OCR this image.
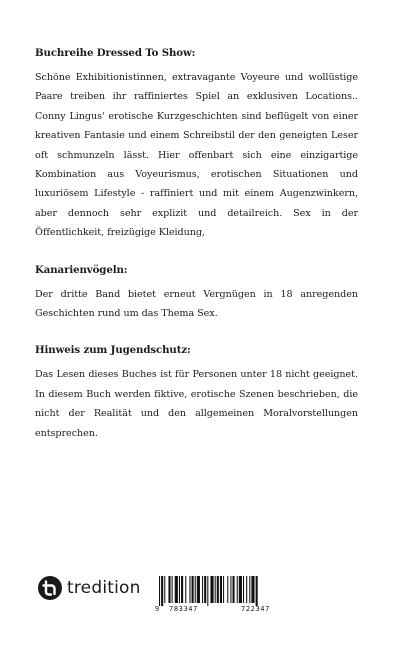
Buchreihe Dressed To Show:

Schöne Exhibitionistinnen, extravagante Voyeure und wollüstige Paare treiben ihr raffiniertes Spiel an exklusiven Locations.. Conny Lingus' erotische Kurzgeschichten sind beflügelt von einer kreativen Fantasie und einem Schreibstil der den geneigten Leser oft schmunzeln lässt. Hier offenbart sich eine einzigartige Kombination aus Voyeurismus, erotischen Situationen und luxuriösem Lifestyle - raffiniert und mit einem Augenzwinkern, aber dennoch sehr explizit und detailreich. Sex in der Öffentlichkeit, freizügige Kleidung,

Kanarienvögeln:

Der dritte Band bietet erneut Vergnügen in 18 anregenden Geschichten rund um das Thema Sex.

Hinweis zum Jugendschutz:

Das Lesen dieses Buches ist für Personen unter 18 nicht geeignet. In diesem Buch werden fiktive, erotische Szenen beschrieben, die nicht der Realität und den allgemeinen Moralvorstellungen entsprechen.

tredition
9 783347	722347
